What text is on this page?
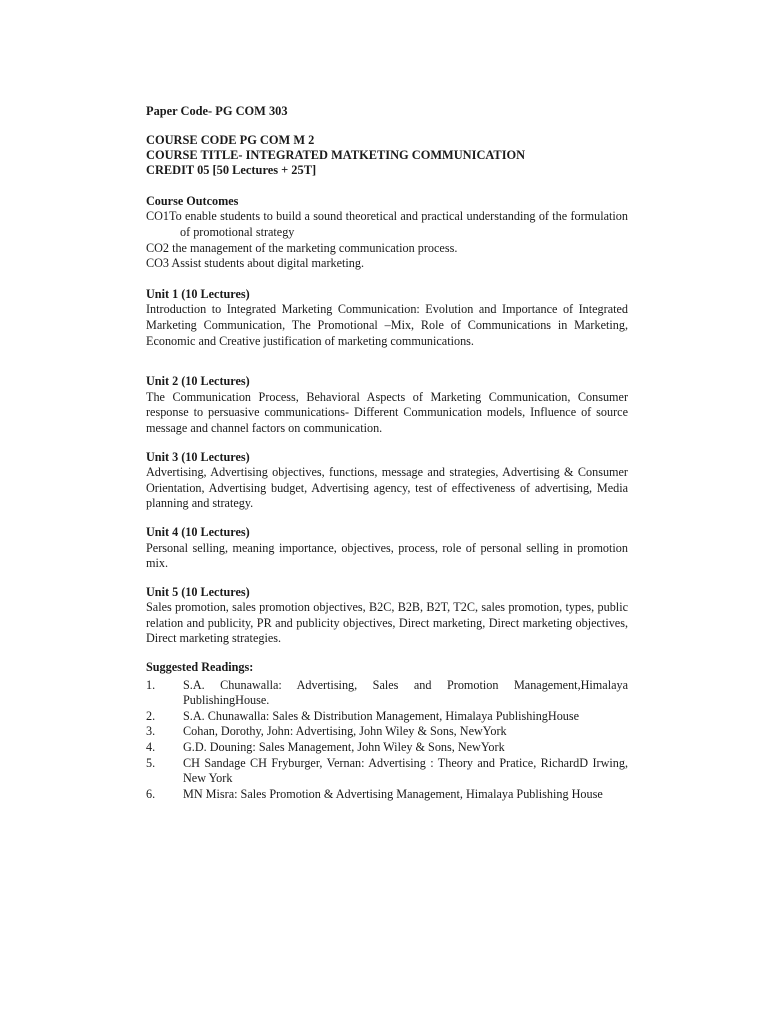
Paper Code- PG COM 303
COURSE CODE PG COM M 2
COURSE TITLE- INTEGRATED MATKETING COMMUNICATION
CREDIT 05 [50 Lectures + 25T]
Course Outcomes
CO1To enable students to build a sound theoretical and practical understanding of the formulation of promotional strategy
CO2 the management of the marketing communication process.
CO3 Assist students about digital marketing.
Unit 1 (10 Lectures)
Introduction to Integrated Marketing Communication: Evolution and Importance of Integrated Marketing Communication, The Promotional –Mix, Role of Communications in Marketing, Economic and Creative justification of marketing communications.
Unit 2 (10 Lectures)
The Communication Process, Behavioral Aspects of Marketing Communication, Consumer response to persuasive communications- Different Communication models, Influence of source message and channel factors on communication.
Unit 3 (10 Lectures)
Advertising, Advertising objectives, functions, message and strategies, Advertising & Consumer Orientation, Advertising budget, Advertising agency, test of effectiveness of advertising, Media planning and strategy.
Unit 4 (10 Lectures)
Personal selling, meaning importance, objectives, process, role of personal selling in promotion mix.
Unit 5 (10 Lectures)
Sales promotion, sales promotion objectives, B2C, B2B, B2T, T2C, sales promotion, types, public relation and publicity, PR and publicity objectives, Direct marketing, Direct marketing objectives, Direct marketing strategies.
Suggested Readings:
1.	S.A. Chunawalla: Advertising, Sales and Promotion Management,Himalaya PublishingHouse.
2.	S.A. Chunawalla: Sales & Distribution Management, Himalaya PublishingHouse
3.	Cohan, Dorothy, John: Advertising, John Wiley & Sons, NewYork
4.	G.D. Douning: Sales Management, John Wiley & Sons, NewYork
5.	CH Sandage CH Fryburger, Vernan: Advertising : Theory and Pratice, RichardD Irwing, New York
6.	MN Misra: Sales Promotion & Advertising Management, Himalaya Publishing House
